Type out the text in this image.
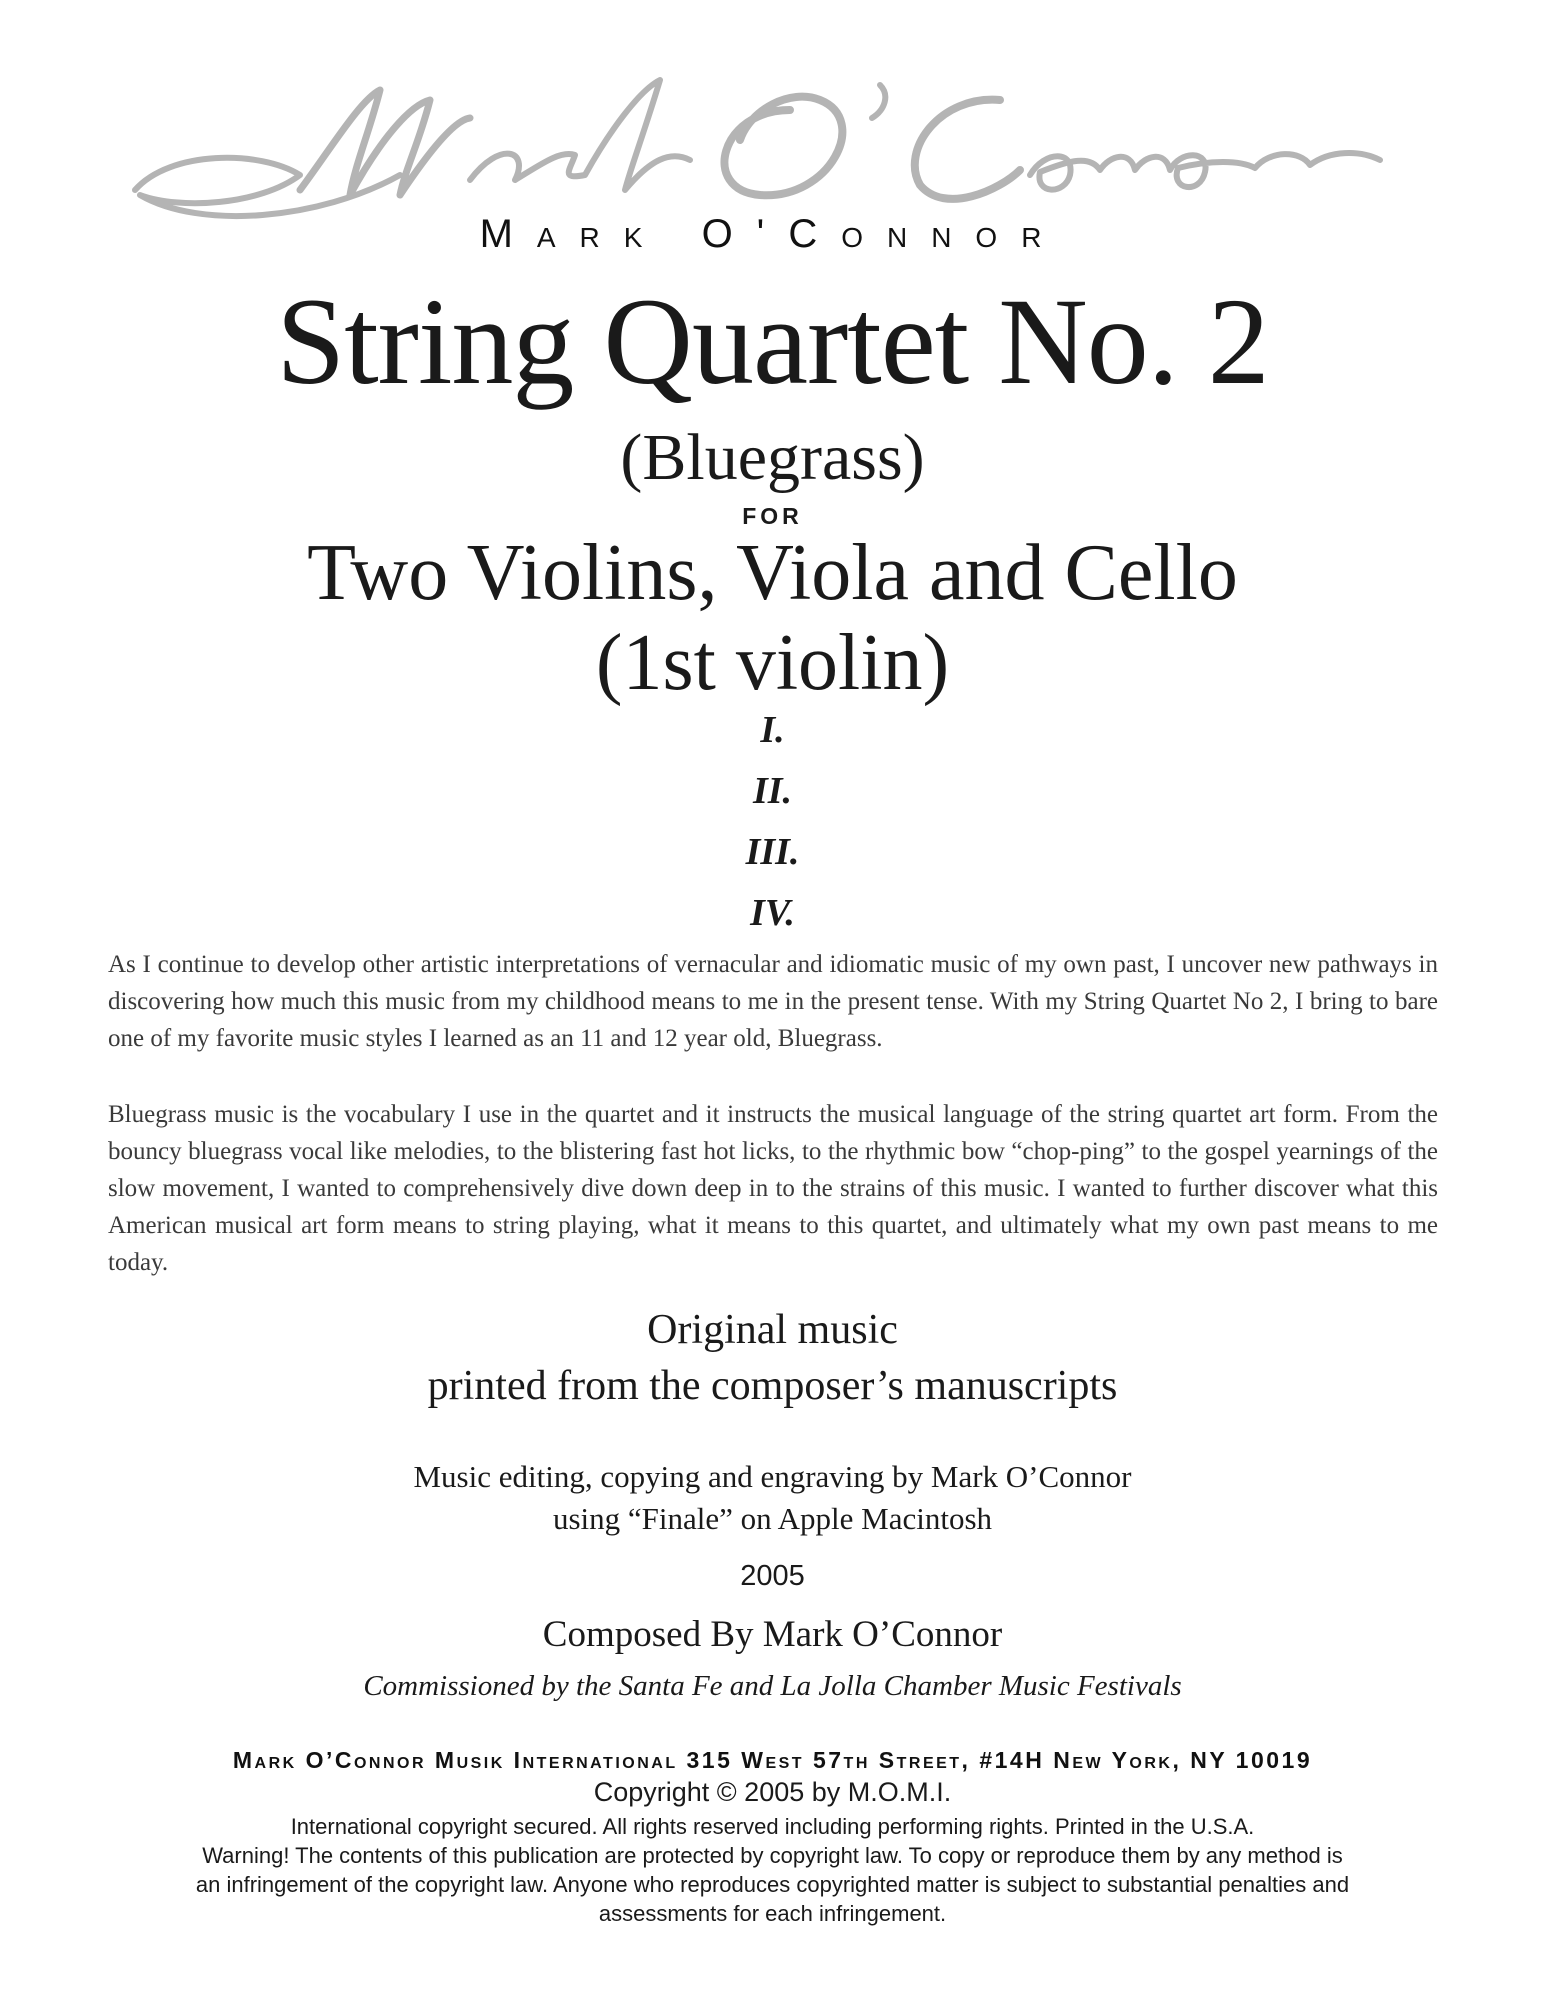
Mark O'Connor
String Quartet No. 2
(Bluegrass)
FOR
Two Violins, Viola and Cello
(1st violin)
I.
II.
III.
IV.

As I continue to develop other artistic interpretations of vernacular and idiomatic music of my own past, I uncover new pathways in discovering how much this music from my childhood means to me in the present tense. With my String Quartet No 2, I bring to bare one of my favorite music styles I learned as an 11 and 12 year old, Bluegrass.

Bluegrass music is the vocabulary I use in the quartet and it instructs the musical language of the string quartet art form. From the bouncy bluegrass vocal like melodies, to the blistering fast hot licks, to the rhythmic bow “chop-ping” to the gospel yearnings of the slow movement, I wanted to comprehensively dive down deep in to the strains of this music. I wanted to further discover what this American musical art form means to string playing, what it means to this quartet, and ultimately what my own past means to me today.

Original music
printed from the composer’s manuscripts
Music editing, copying and engraving by Mark O’Connor
using “Finale” on Apple Macintosh
2005
Composed By Mark O’Connor
Commissioned by the Santa Fe and La Jolla Chamber Music Festivals
Mark O’Connor Musik International 315 West 57th Street, #14H New York, NY 10019
Copyright © 2005 by M.O.M.I.
International copyright secured. All rights reserved including performing rights. Printed in the U.S.A.
Warning! The contents of this publication are protected by copyright law. To copy or reproduce them by any method is
an infringement of the copyright law. Anyone who reproduces copyrighted matter is subject to substantial penalties and
assessments for each infringement.
